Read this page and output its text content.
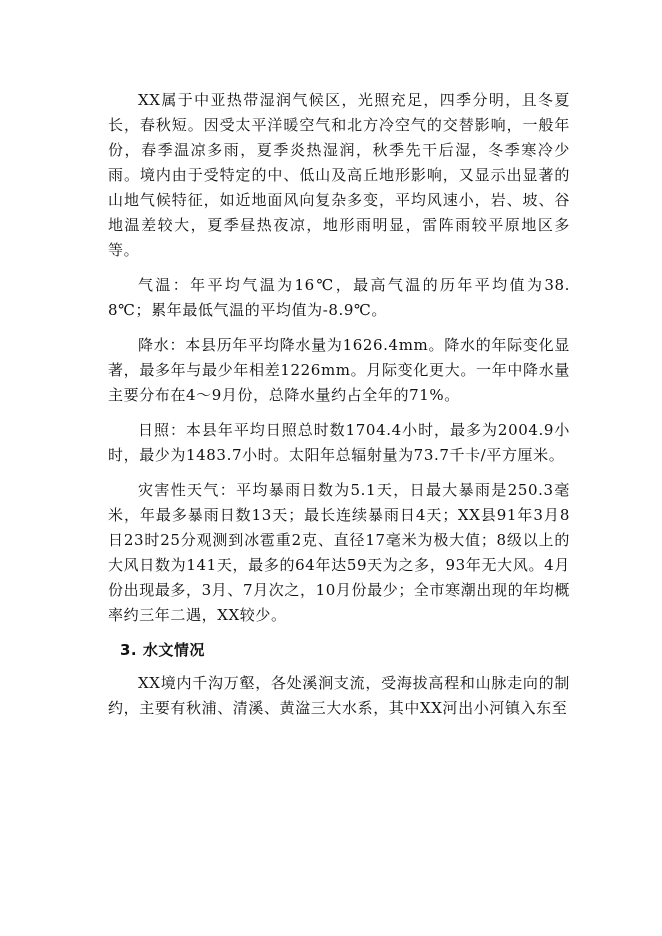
XX属于中亚热带湿润气候区，光照充足，四季分明，且冬夏长，春秋短。因受太平洋暖空气和北方冷空气的交替影响，一般年份，春季温凉多雨，夏季炎热湿润，秋季先干后湿，冬季寒冷少雨。境内由于受特定的中、低山及高丘地形影响，又显示出显著的山地气候特征，如近地面风向复杂多变，平均风速小，岩、坡、谷地温差较大，夏季昼热夜凉，地形雨明显，雷阵雨较平原地区多等。

气温：年平均气温为16℃，最高气温的历年平均值为38.8℃；累年最低气温的平均值为-8.9℃。

降水：本县历年平均降水量为1626.4mm。降水的年际变化显著，最多年与最少年相差1226mm。月际变化更大。一年中降水量主要分布在4～9月份，总降水量约占全年的71%。

日照：本县年平均日照总时数1704.4小时，最多为2004.9小时，最少为1483.7小时。太阳年总辐射量为73.7千卡/平方厘米。

灾害性天气：平均暴雨日数为5.1天，日最大暴雨是250.3毫米，年最多暴雨日数13天；最长连续暴雨日4天；XX县91年3月8日23时25分观测到冰雹重2克、直径17毫米为极大值；8级以上的大风日数为141天，最多的64年达59天为之多，93年无大风。4月份出现最多，3月、7月次之，10月份最少；全市寒潮出现的年均概率约三年二遇，XX较少。

3. 水文情况

XX境内千沟万壑，各处溪涧支流，受海拔高程和山脉走向的制约，主要有秋浦、清溪、黄湓三大水系，其中XX河出小河镇入东至
